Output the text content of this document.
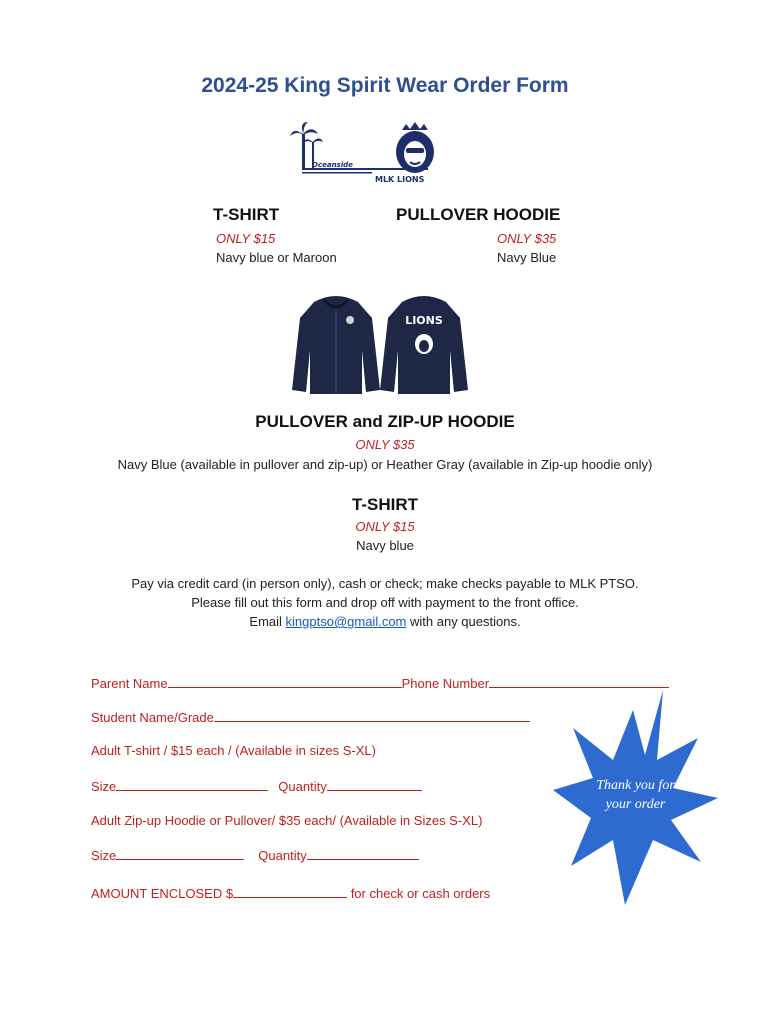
2024-25 King Spirit Wear Order Form
Oceanside
MLK LIONS
T-SHIRT
ONLY $15
Navy blue or Maroon
PULLOVER HOODIE
ONLY $35
Navy Blue
LIONS
PULLOVER and ZIP-UP HOODIE
ONLY $35
Navy Blue (available in pullover and zip-up) or Heather Gray (available in Zip-up hoodie only)
T-SHIRT
ONLY $15
Navy blue
Pay via credit card (in person only), cash or check; make checks payable to MLK PTSO.
Please fill out this form and drop off with payment to the front office.
Email kingptso@gmail.com with any questions.
Parent Name	Phone Number
Student Name/Grade
Adult T-shirt / $15 each / (Available in sizes S-XL)
Size	Quantity
Adult Zip-up Hoodie or Pullover/ $35 each/ (Available in Sizes S-XL)
Size	Quantity
AMOUNT ENCLOSED $	for check or cash orders
Thank you for your order
